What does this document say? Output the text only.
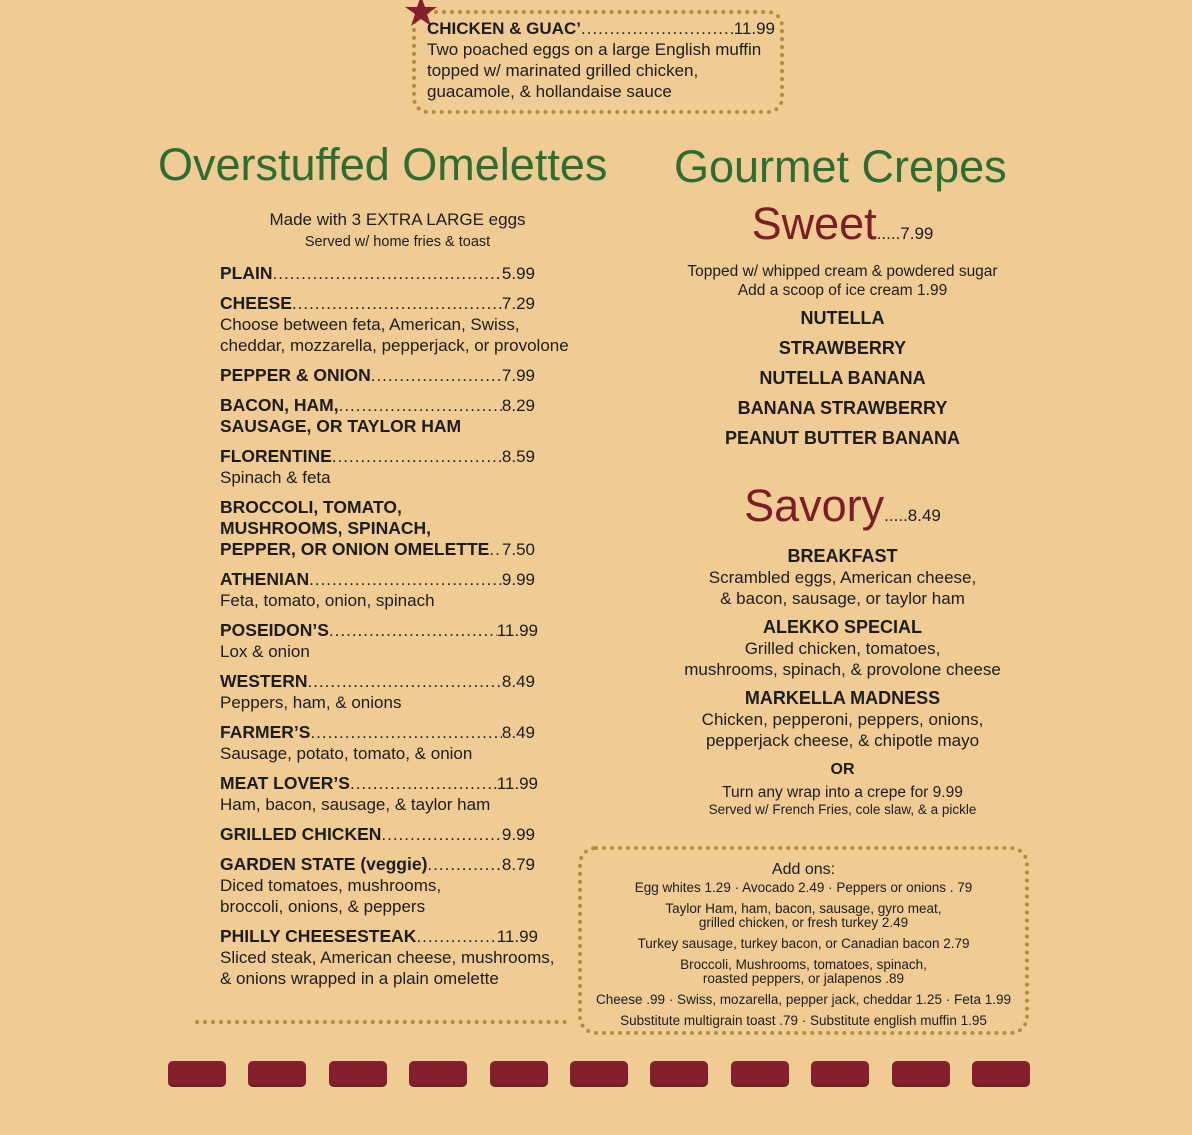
CHICKEN & GUAC’ .....	11.99
Two poached eggs on a large English muffin
topped w/ marinated grilled chicken,
guacamole, & hollandaise sauce
Overstuffed Omelettes
Made with 3 EXTRA LARGE eggs
Served w/ home fries & toast
PLAIN .....	5.99
CHEESE .....	7.29
Choose between feta, American, Swiss,
cheddar, mozzarella, pepperjack, or provolone
PEPPER & ONION .....	7.99
BACON, HAM, .....	8.29
SAUSAGE, OR TAYLOR HAM
FLORENTINE .....	8.59
Spinach & feta
BROCCOLI, TOMATO,
MUSHROOMS, SPINACH,
PEPPER, OR ONION OMELETTE ..... 7.50
ATHENIAN .....	9.99
Feta, tomato, onion, spinach
POSEIDON’S .....	11.99
Lox & onion
WESTERN .....	8.49
Peppers, ham, & onions
FARMER’S .....	8.49
Sausage, potato, tomato, & onion
MEAT LOVER’S .....	11.99
Ham, bacon, sausage, & taylor ham
GRILLED CHICKEN .....	9.99
GARDEN STATE (veggie) .....	8.79
Diced tomatoes, mushrooms,
broccoli, onions, & peppers
PHILLY CHEESESTEAK .....	11.99
Sliced steak, American cheese, mushrooms,
& onions wrapped in a plain omelette
Gourmet Crepes
Sweet.....7.99
Topped w/ whipped cream & powdered sugar
Add a scoop of ice cream 1.99
NUTELLA
STRAWBERRY
NUTELLA BANANA
BANANA STRAWBERRY
PEANUT BUTTER BANANA
Savory.....8.49
BREAKFAST
Scrambled eggs, American cheese,
& bacon, sausage, or taylor ham
ALEKKO SPECIAL
Grilled chicken, tomatoes,
mushrooms, spinach, & provolone cheese
MARKELLA MADNESS
Chicken, pepperoni, peppers, onions,
pepperjack cheese, & chipotle mayo
OR
Turn any wrap into a crepe for 9.99
Served w/ French Fries, cole slaw, & a pickle
Add ons:
Egg whites 1.29 · Avocado 2.49 · Peppers or onions . 79
Taylor Ham, ham, bacon, sausage, gyro meat,
grilled chicken, or fresh turkey 2.49
Turkey sausage, turkey bacon, or Canadian bacon 2.79
Broccoli, Mushrooms, tomatoes, spinach,
roasted peppers, or jalapenos .89
Cheese .99 · Swiss, mozarella, pepper jack, cheddar 1.25 · Feta 1.99
Substitute multigrain toast .79 · Substitute english muffin 1.95
